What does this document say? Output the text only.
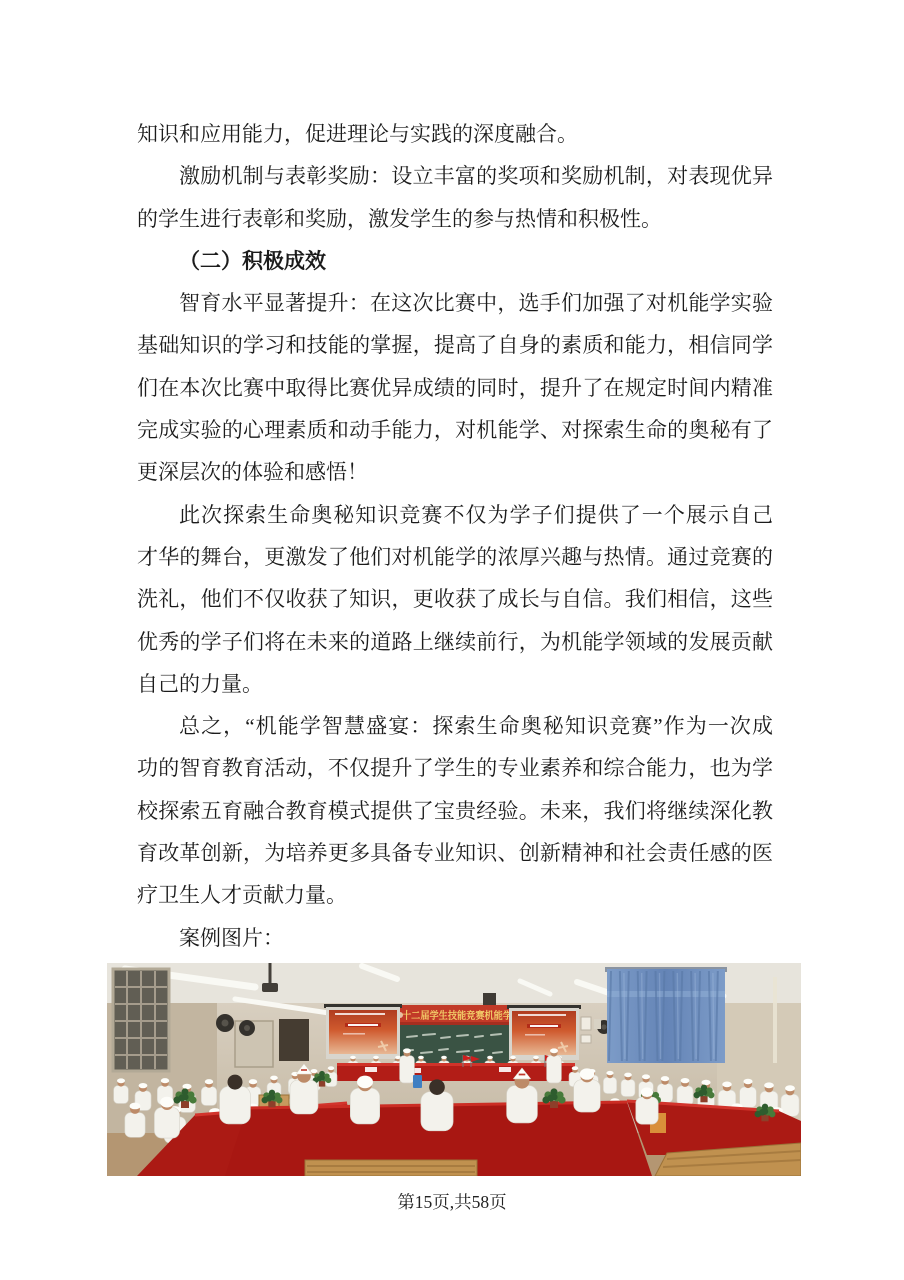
知识和应用能力，促进理论与实践的深度融合。
激励机制与表彰奖励：设立丰富的奖项和奖励机制，对表现优异
的学生进行表彰和奖励，激发学生的参与热情和积极性。
（二）积极成效
智育水平显著提升：在这次比赛中，选手们加强了对机能学实验
基础知识的学习和技能的掌握，提高了自身的素质和能力，相信同学
们在本次比赛中取得比赛优异成绩的同时，提升了在规定时间内精准
完成实验的心理素质和动手能力，对机能学、对探索生命的奥秘有了
更深层次的体验和感悟！
此次探索生命奥秘知识竞赛不仅为学子们提供了一个展示自己
才华的舞台，更激发了他们对机能学的浓厚兴趣与热情。通过竞赛的
洗礼，他们不仅收获了知识，更收获了成长与自信。我们相信，这些
优秀的学子们将在未来的道路上继续前行，为机能学领域的发展贡献
自己的力量。
总之，“机能学智慧盛宴：探索生命奥秘知识竞赛”作为一次成
功的智育教育活动，不仅提升了学生的专业素养和综合能力，也为学
校探索五育融合教育模式提供了宝贵经验。未来，我们将继续深化教
育改革创新，为培养更多具备专业知识、创新精神和社会责任感的医
疗卫生人才贡献力量。
案例图片：
十二届学生技能竞赛机能学
第15页,共58页
